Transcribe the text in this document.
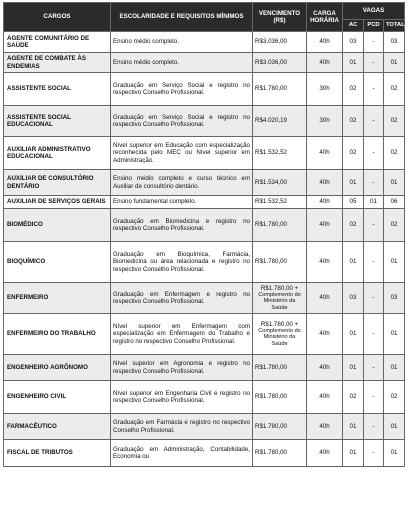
CARGOS	ESCOLARIDADE E REQUISITOS MÍNIMOS	VENCIMENTO (R$)	CARGA HORÁRIA	VAGAS		
				AC	PCD	TOTAL
AGENTE COMUNITÁRIO DE SAÚDE	Ensino médio completo.	R$3.036,00	40h	03	-	03
AGENTE DE COMBATE ÀS ENDEMIAS	Ensino médio completo.	R$3.036,00	40h	01	-	01
ASSISTENTE SOCIAL	Graduação em Serviço Social e registro no respectivo Conselho Profissional.	R$1.780,00	30h	02	-	02
ASSISTENTE SOCIAL EDUCACIONAL	Graduação em Serviço Social e registro no respectivo Conselho Profissional.	R$4.020,19	30h	02	-	02
AUXILIAR ADMINISTRATIVO EDUCACIONAL	Nível superior em Educação com especialização reconhecida pelo MEC ou Nível superior em Administração.	R$1.532,52	40h	02	-	02
AUXILIAR DE CONSULTÓRIO DENTÁRIO	Ensino médio completo e curso técnico em Auxiliar de consultório dentário.	R$1.534,00	40h	01	-	01
AUXILIAR DE SERVIÇOS GERAIS	Ensino fundamental completo.	R$1.532,52	40h	05	01	06
BIOMÉDICO	Graduação em Biomedicina e registro no respectivo Conselho Profissional.	R$1.780,00	40h	02	-	02
BIOQUÍMICO	Graduação em Bioquímica, Farmácia, Biomedicina ou área relacionada e registro no respectivo Conselho Profissional.	R$1.780,00	40h	01	-	01
ENFERMEIRO	Graduação em Enfermagem e registro no respectivo Conselho Profissional.	R$1.780,00 +
Complemento do Ministério da Saúde	40h	03	-	03
ENFERMEIRO DO TRABALHO	Nível superior em Enfermagem com especialização em Enfermagem do Trabalho e registro no respectivo Conselho Profissional.	R$1.780,00 +
Complemento do Ministério da Saúde	40h	01	-	01
ENGENHEIRO AGRÔNOMO	Nível superior em Agronomia e registro no respectivo Conselho Profissional.	R$1.780,00	40h	01	-	01
ENGENHEIRO CIVIL	Nível superior em Engenharia Civil e registro no respectivo Conselho Profissional.	R$1.780,00	40h	02	-	02
FARMACÊUTICO	Graduação em Farmácia e registro no respectivo Conselho Profissional.	R$1.780,00	40h	01	-	01
FISCAL DE TRIBUTOS	Graduação em Administração, Contabilidade, Economia ou	R$1.780,00	40h	01	-	01
